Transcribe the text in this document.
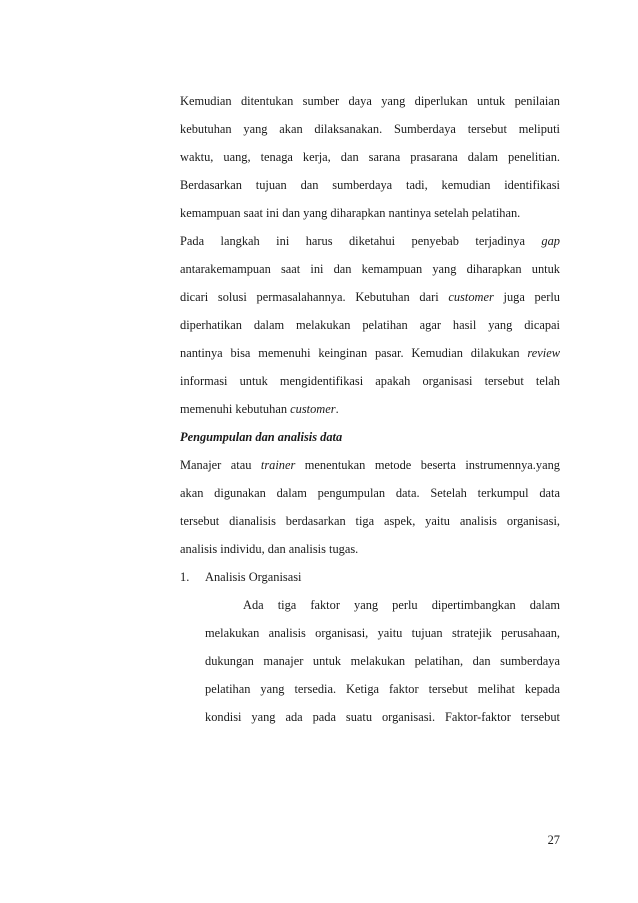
Kemudian ditentukan sumber daya yang diperlukan untuk penilaian
kebutuhan yang akan dilaksanakan. Sumberdaya tersebut meliputi
waktu, uang, tenaga kerja, dan sarana prasarana dalam penelitian.
Berdasarkan tujuan dan sumberdaya tadi, kemudian identifikasi
kemampuan saat ini dan yang diharapkan nantinya setelah pelatihan.
Pada langkah ini harus diketahui penyebab terjadinya gap
antarakemampuan saat ini dan kemampuan yang diharapkan untuk
dicari solusi permasalahannya. Kebutuhan dari customer juga perlu
diperhatikan dalam melakukan pelatihan agar hasil yang dicapai
nantinya bisa memenuhi keinginan pasar. Kemudian dilakukan review
informasi untuk mengidentifikasi apakah organisasi tersebut telah
memenuhi kebutuhan customer.
Pengumpulan dan analisis data
Manajer atau trainer menentukan metode beserta instrumennya.yang
akan digunakan dalam pengumpulan data. Setelah terkumpul data
tersebut dianalisis berdasarkan tiga aspek, yaitu analisis organisasi,
analisis individu, dan analisis tugas.
1. Analisis Organisasi
Ada tiga faktor yang perlu dipertimbangkan dalam
melakukan analisis organisasi, yaitu tujuan stratejik perusahaan,
dukungan manajer untuk melakukan pelatihan, dan sumberdaya
pelatihan yang tersedia. Ketiga faktor tersebut melihat kepada
kondisi yang ada pada suatu organisasi. Faktor-faktor tersebut
27
